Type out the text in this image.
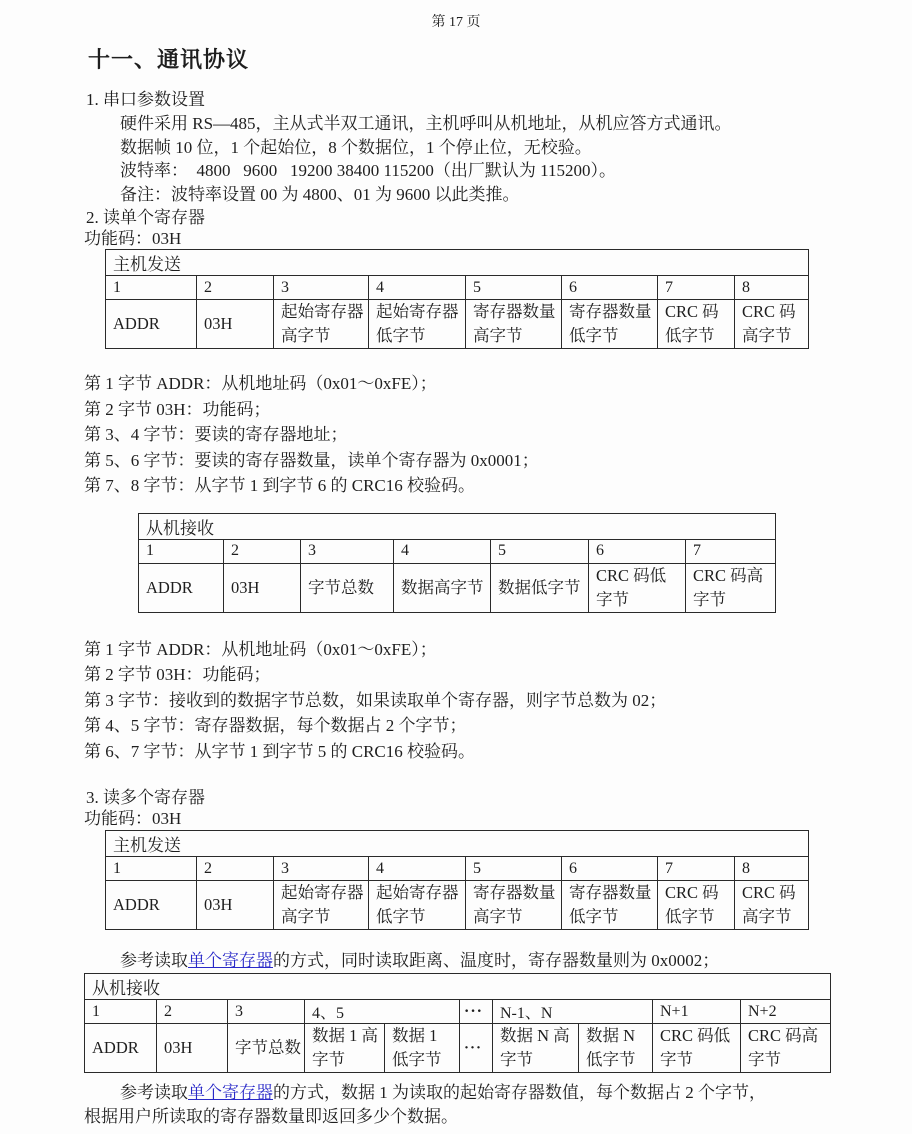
第 17 页
十一、通讯协议
1. 串口参数设置
硬件采用 RS—485，主从式半双工通讯，主机呼叫从机地址，从机应答方式通讯。
数据帧 10 位，1 个起始位，8 个数据位，1 个停止位，无校验。
波特率：  4800   9600   19200 38400 115200（出厂默认为 115200）。
备注：波特率设置 00 为 4800、01 为 9600 以此类推。
2. 读单个寄存器
功能码：03H
主机发送							
1	2	3	4	5	6	7	8
ADDR	03H	起始寄存器高字节	起始寄存器低字节	寄存器数量高字节	寄存器数量低字节	CRC 码低字节	CRC 码高字节
第 1 字节 ADDR：从机地址码（0x01～0xFE）；
第 2 字节 03H：功能码；
第 3、4 字节：要读的寄存器地址；
第 5、6 字节：要读的寄存器数量，读单个寄存器为 0x0001；
第 7、8 字节：从字节 1 到字节 6 的 CRC16 校验码。
从机接收						
1	2	3	4	5	6	7
ADDR	03H	字节总数	数据高字节	数据低字节	CRC 码低字节	CRC 码高字节
第 1 字节 ADDR：从机地址码（0x01～0xFE）；
第 2 字节 03H：功能码；
第 3 字节：接收到的数据字节总数，如果读取单个寄存器，则字节总数为 02；
第 4、5 字节：寄存器数据，每个数据占 2 个字节；
第 6、7 字节：从字节 1 到字节 5 的 CRC16 校验码。
3. 读多个寄存器
功能码：03H
主机发送							
1	2	3	4	5	6	7	8
ADDR	03H	起始寄存器高字节	起始寄存器低字节	寄存器数量高字节	寄存器数量低字节	CRC 码低字节	CRC 码高字节
参考读取单个寄存器的方式，同时读取距离、温度时，寄存器数量则为 0x0002；
从机接收									
1	2	3	4、5		···	N-1、N		N+1	N+2
ADDR	03H	字节总数	数据 1 高字节	数据 1 低字节	···	数据 N 高字节	数据 N 低字节	CRC 码低字节	CRC 码高字节
参考读取单个寄存器的方式，数据 1 为读取的起始寄存器数值，每个数据占 2 个字节，
根据用户所读取的寄存器数量即返回多少个数据。
